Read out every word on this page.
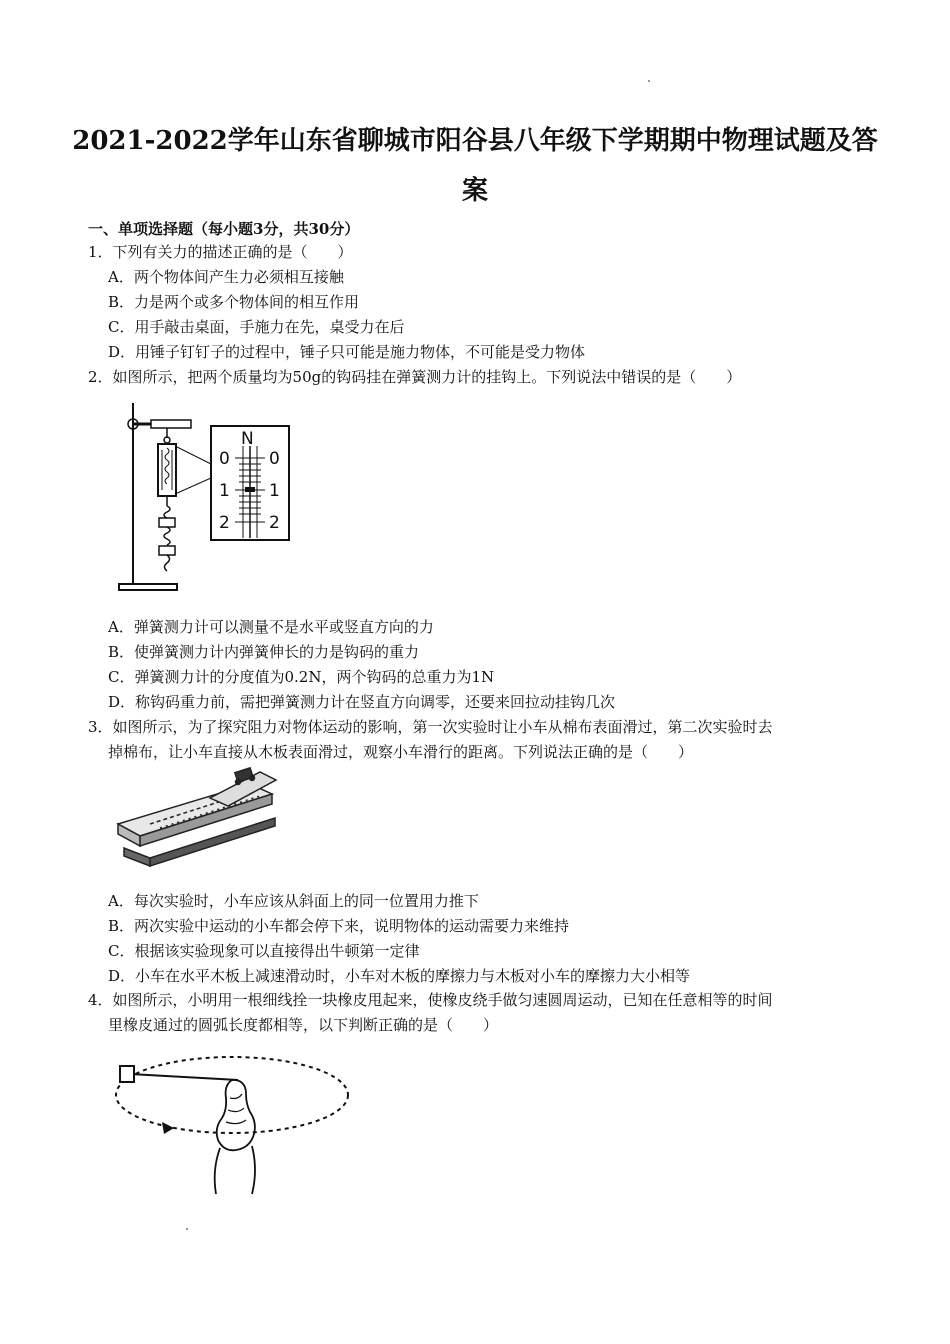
2021-2022学年山东省聊城市阳谷县八年级下学期期中物理试题及答
案
一、单项选择题（每小题3分，共30分）
1．下列有关力的描述正确的是（　　）
A．两个物体间产生力必须相互接触
B．力是两个或多个物体间的相互作用
C．用手敲击桌面，手施力在先，桌受力在后
D．用锤子钉钉子的过程中，锤子只可能是施力物体，不可能是受力物体
2．如图所示，把两个质量均为50g的钩码挂在弹簧测力计的挂钩上。下列说法中错误的是（　　）
N
0 0
1 1
2 2
A．弹簧测力计可以测量不是水平或竖直方向的力
B．使弹簧测力计内弹簧伸长的力是钩码的重力
C．弹簧测力计的分度值为0.2N，两个钩码的总重力为1N
D．称钩码重力前，需把弹簧测力计在竖直方向调零，还要来回拉动挂钩几次
3．如图所示，为了探究阻力对物体运动的影响，第一次实验时让小车从棉布表面滑过，第二次实验时去
掉棉布，让小车直接从木板表面滑过，观察小车滑行的距离。下列说法正确的是（　　）
A．每次实验时，小车应该从斜面上的同一位置用力推下
B．两次实验中运动的小车都会停下来，说明物体的运动需要力来维持
C．根据该实验现象可以直接得出牛顿第一定律
D．小车在水平木板上减速滑动时，小车对木板的摩擦力与木板对小车的摩擦力大小相等
4．如图所示，小明用一根细线拴一块橡皮甩起来，使橡皮绕手做匀速圆周运动，已知在任意相等的时间
里橡皮通过的圆弧长度都相等，以下判断正确的是（　　）
